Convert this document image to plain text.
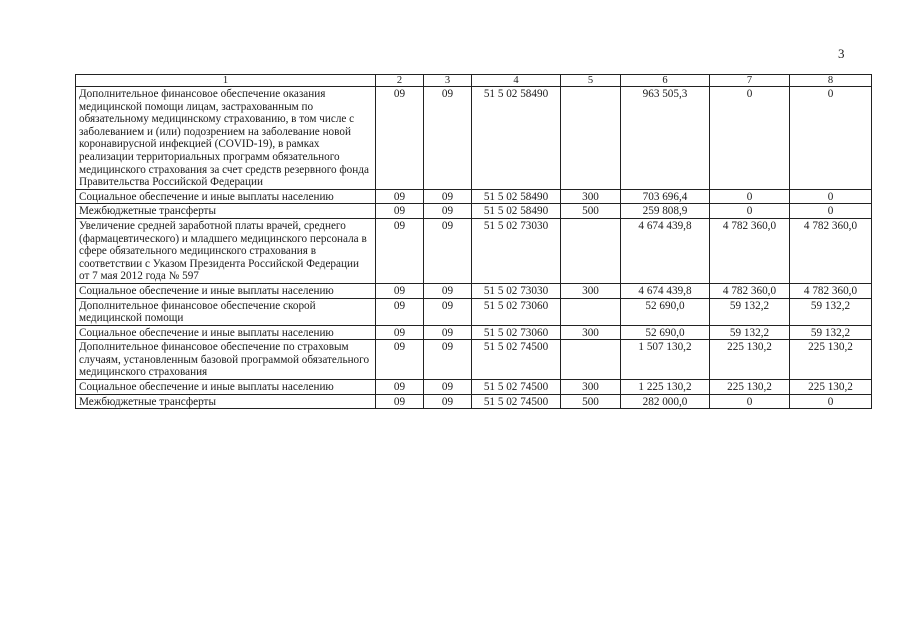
3
1	2	3	4	5	6	7	8
Дополнительное финансовое обеспечение оказания медицинской помощи лицам, застрахованным по обязательному медицинскому страхованию, в том числе с заболеванием и (или) подозрением на заболевание новой коронавирусной инфекцией (COVID-19), в рамках реализации территориальных программ обязательного медицинского страхования за счет средств резервного фонда Правительства Российской Федерации	09	09	51 5 02 58490		963 505,3	0	0
Социальное обеспечение и иные выплаты населению	09	09	51 5 02 58490	300	703 696,4	0	0
Межбюджетные трансферты	09	09	51 5 02 58490	500	259 808,9	0	0
Увеличение средней заработной платы врачей, среднего (фармацевтического) и младшего медицинского персонала в сфере обязательного медицинского страхования в соответствии с Указом Президента Российской Федерации от 7 мая 2012 года № 597	09	09	51 5 02 73030		4 674 439,8	4 782 360,0	4 782 360,0
Социальное обеспечение и иные выплаты населению	09	09	51 5 02 73030	300	4 674 439,8	4 782 360,0	4 782 360,0
Дополнительное финансовое обеспечение скорой медицинской помощи	09	09	51 5 02 73060		52 690,0	59 132,2	59 132,2
Социальное обеспечение и иные выплаты населению	09	09	51 5 02 73060	300	52 690,0	59 132,2	59 132,2
Дополнительное финансовое обеспечение по страховым случаям, установленным базовой программой обязательного медицинского страхования	09	09	51 5 02 74500		1 507 130,2	225 130,2	225 130,2
Социальное обеспечение и иные выплаты населению	09	09	51 5 02 74500	300	1 225 130,2	225 130,2	225 130,2
Межбюджетные трансферты	09	09	51 5 02 74500	500	282 000,0	0	0
